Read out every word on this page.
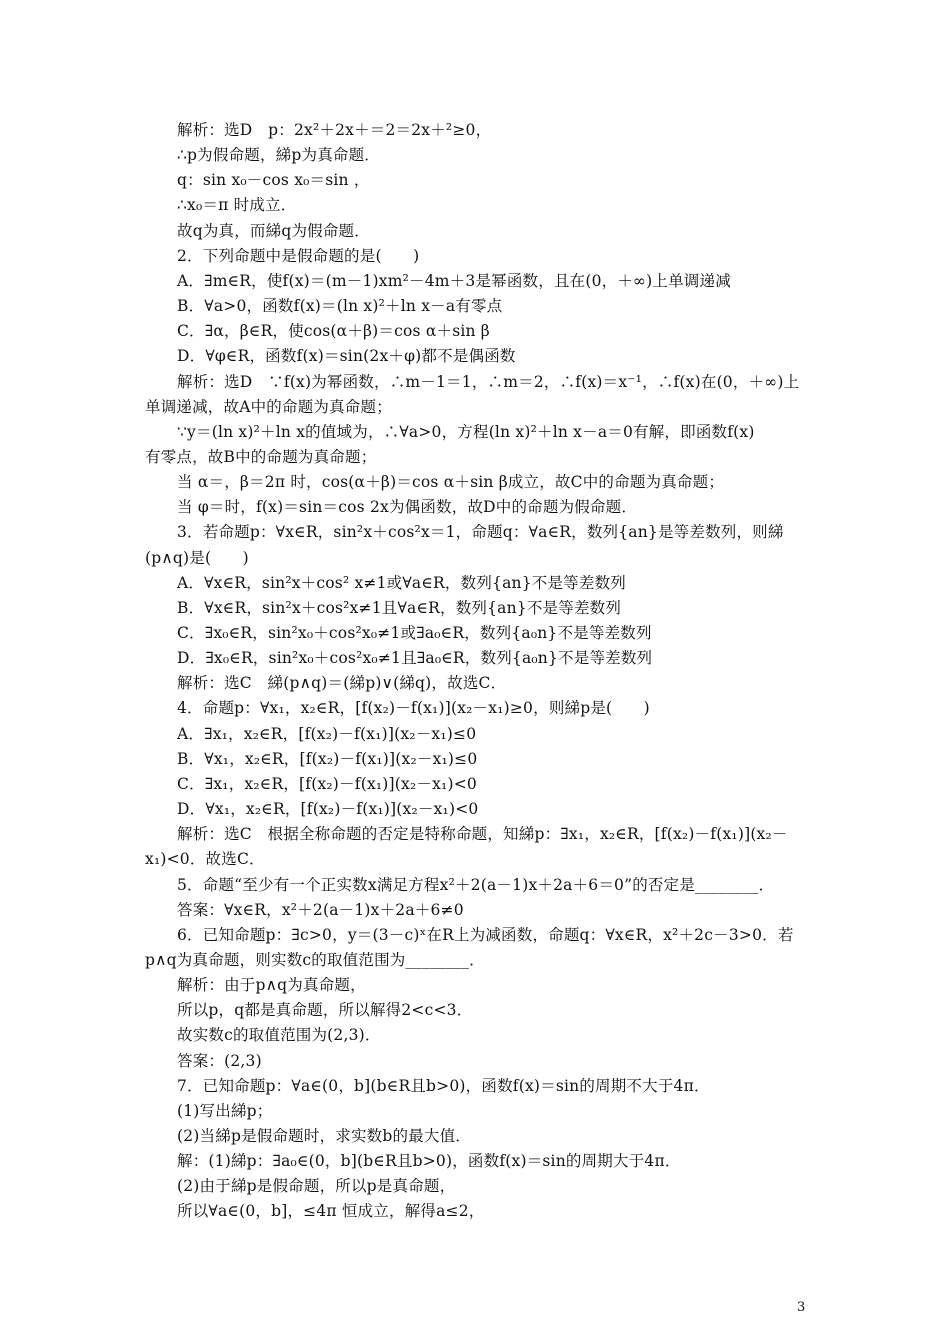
解析：选D　p：2x²＋2x＋＝2＝2x＋²≥0，
∴p为假命题，綈p为真命题．
q：sin x₀－cos x₀＝sin ，
∴x₀＝π 时成立．
故q为真，而綈q为假命题．
2．下列命题中是假命题的是(　　)
A．∃m∈R，使f(x)＝(m－1)xm²－4m＋3是幂函数，且在(0，＋∞)上单调递减
B．∀a>0，函数f(x)＝(ln x)²＋ln x－a有零点
C．∃α，β∈R，使cos(α＋β)＝cos α＋sin β
D．∀φ∈R，函数f(x)＝sin(2x＋φ)都不是偶函数
解析：选D　∵f(x)为幂函数，∴m－1＝1，∴m＝2，∴f(x)＝x⁻¹，∴f(x)在(0，＋∞)上
单调递减，故A中的命题为真命题；
∵y＝(ln x)²＋ln x的值域为，∴∀a>0，方程(ln x)²＋ln x－a＝0有解，即函数f(x)
有零点，故B中的命题为真命题；
当 α＝，β＝2π 时，cos(α＋β)＝cos α＋sin β成立，故C中的命题为真命题；
当 φ＝时，f(x)＝sin＝cos 2x为偶函数，故D中的命题为假命题．
3．若命题p：∀x∈R，sin²x＋cos²x＝1，命题q：∀a∈R，数列{an}是等差数列，则綈
(p∧q)是(　　)
A．∀x∈R，sin²x＋cos² x≠1或∀a∈R，数列{an}不是等差数列
B．∀x∈R，sin²x＋cos²x≠1且∀a∈R，数列{an}不是等差数列
C．∃x₀∈R，sin²x₀＋cos²x₀≠1或∃a₀∈R，数列{a₀n}不是等差数列
D．∃x₀∈R，sin²x₀＋cos²x₀≠1且∃a₀∈R，数列{a₀n}不是等差数列
解析：选C　綈(p∧q)＝(綈p)∨(綈q)，故选C．
4．命题p：∀x₁，x₂∈R，[f(x₂)－f(x₁)](x₂－x₁)≥0，则綈p是(　　)
A．∃x₁，x₂∈R，[f(x₂)－f(x₁)](x₂－x₁)≤0
B．∀x₁，x₂∈R，[f(x₂)－f(x₁)](x₂－x₁)≤0
C．∃x₁，x₂∈R，[f(x₂)－f(x₁)](x₂－x₁)<0
D．∀x₁，x₂∈R，[f(x₂)－f(x₁)](x₂－x₁)<0
解析：选C　根据全称命题的否定是特称命题，知綈p：∃x₁，x₂∈R，[f(x₂)－f(x₁)](x₂－
x₁)<0．故选C．
5．命题“至少有一个正实数x满足方程x²＋2(a－1)x＋2a＋6＝0”的否定是________．
答案：∀x∈R，x²＋2(a－1)x＋2a＋6≠0
6．已知命题p：∃c>0，y＝(3－c)ˣ在R上为减函数，命题q：∀x∈R，x²＋2c－3>0．若
p∧q为真命题，则实数c的取值范围为________．
解析：由于p∧q为真命题，
所以p，q都是真命题，所以解得2<c<3．
故实数c的取值范围为(2,3)．
答案：(2,3)
7．已知命题p：∀a∈(0，b](b∈R且b>0)，函数f(x)＝sin的周期不大于4π．
(1)写出綈p；
(2)当綈p是假命题时，求实数b的最大值．
解：(1)綈p：∃a₀∈(0，b](b∈R且b>0)，函数f(x)＝sin的周期大于4π．
(2)由于綈p是假命题，所以p是真命题，
所以∀a∈(0，b]，≤4π 恒成立，解得a≤2，
3
